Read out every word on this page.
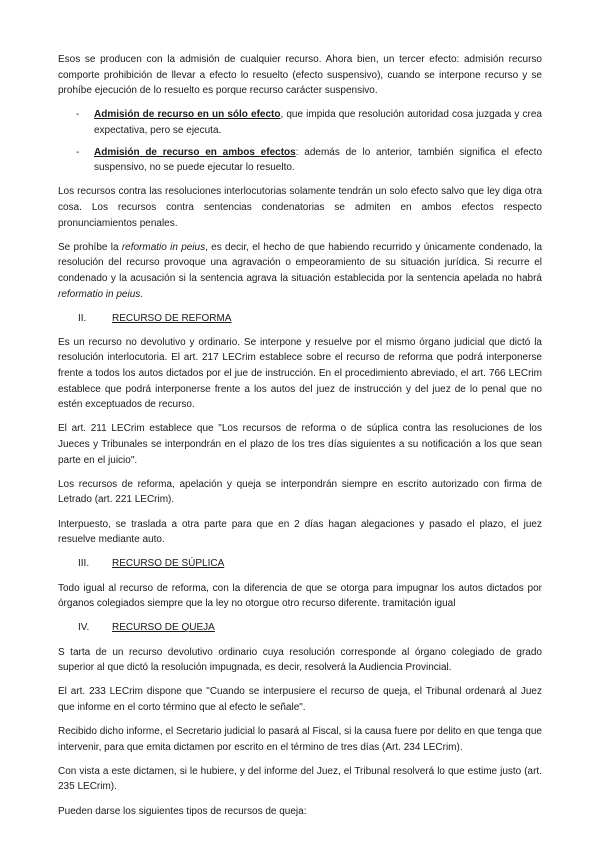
Esos se producen con la admisión de cualquier recurso. Ahora bien, un tercer efecto: admisión recurso comporte prohibición de llevar a efecto lo resuelto (efecto suspensivo), cuando se interpone recurso y se prohíbe ejecución de lo resuelto es porque recurso carácter suspensivo.

- Admisión de recurso en un sólo efecto, que impida que resolución autoridad cosa juzgada y crea expectativa, pero se ejecuta.
- Admisión de recurso en ambos efectos: además de lo anterior, también significa el efecto suspensivo, no se puede ejecutar lo resuelto.

Los recursos contra las resoluciones interlocutorias solamente tendrán un solo efecto salvo que ley diga otra cosa. Los recursos contra sentencias condenatorias se admiten en ambos efectos respecto pronunciamientos penales.

Se prohíbe la reformatio in peius, es decir, el hecho de que habiendo recurrido y únicamente condenado, la resolución del recurso provoque una agravación o empeoramiento de su situación jurídica. Si recurre el condenado y la acusación si la sentencia agrava la situación establecida por la sentencia apelada no habrá reformatio in peius.

II.	RECURSO DE REFORMA

Es un recurso no devolutivo y ordinario. Se interpone y resuelve por el mismo órgano judicial que dictó la resolución interlocutoria. El art. 217 LECrim establece sobre el recurso de reforma que podrá interponerse frente a todos los autos dictados por el jue de instrucción. En el procedimiento abreviado, el art. 766 LECrim establece que podrá interponerse frente a los autos del juez de instrucción y del juez de lo penal que no estén exceptuados de recurso.

El art. 211 LECrim establece que "Los recursos de reforma o de súplica contra las resoluciones de los Jueces y Tribunales se interpondrán en el plazo de los tres días siguientes a su notificación a los que sean parte en el juicio".

Los recursos de reforma, apelación y queja se interpondrán siempre en escrito autorizado con firma de Letrado (art. 221 LECrim).

Interpuesto, se traslada a otra parte para que en 2 días hagan alegaciones y pasado el plazo, el juez resuelve mediante auto.

III. RECURSO DE SÚPLICA

Todo igual al recurso de reforma, con la diferencia de que se otorga para impugnar los autos dictados por órganos colegiados siempre que la ley no otorgue otro recurso diferente. tramitación igual

IV. RECURSO DE QUEJA

S tarta de un recurso devolutivo ordinario cuya resolución corresponde al órgano colegiado de grado superior al que dictó la resolución impugnada, es decir, resolverá la Audiencia Provincial.

El art. 233 LECrim dispone que "Cuando se interpusiere el recurso de queja, el Tribunal ordenará al Juez que informe en el corto término que al efecto le señale".

Recibido dicho informe, el Secretario judicial lo pasará al Fiscal, si la causa fuere por delito en que tenga que intervenir, para que emita dictamen por escrito en el término de tres días (Art. 234 LECrim).

Con vista a este dictamen, si le hubiere, y del informe del Juez, el Tribunal resolverá lo que estime justo (art. 235 LECrim).

Pueden darse los siguientes tipos de recursos de queja:
